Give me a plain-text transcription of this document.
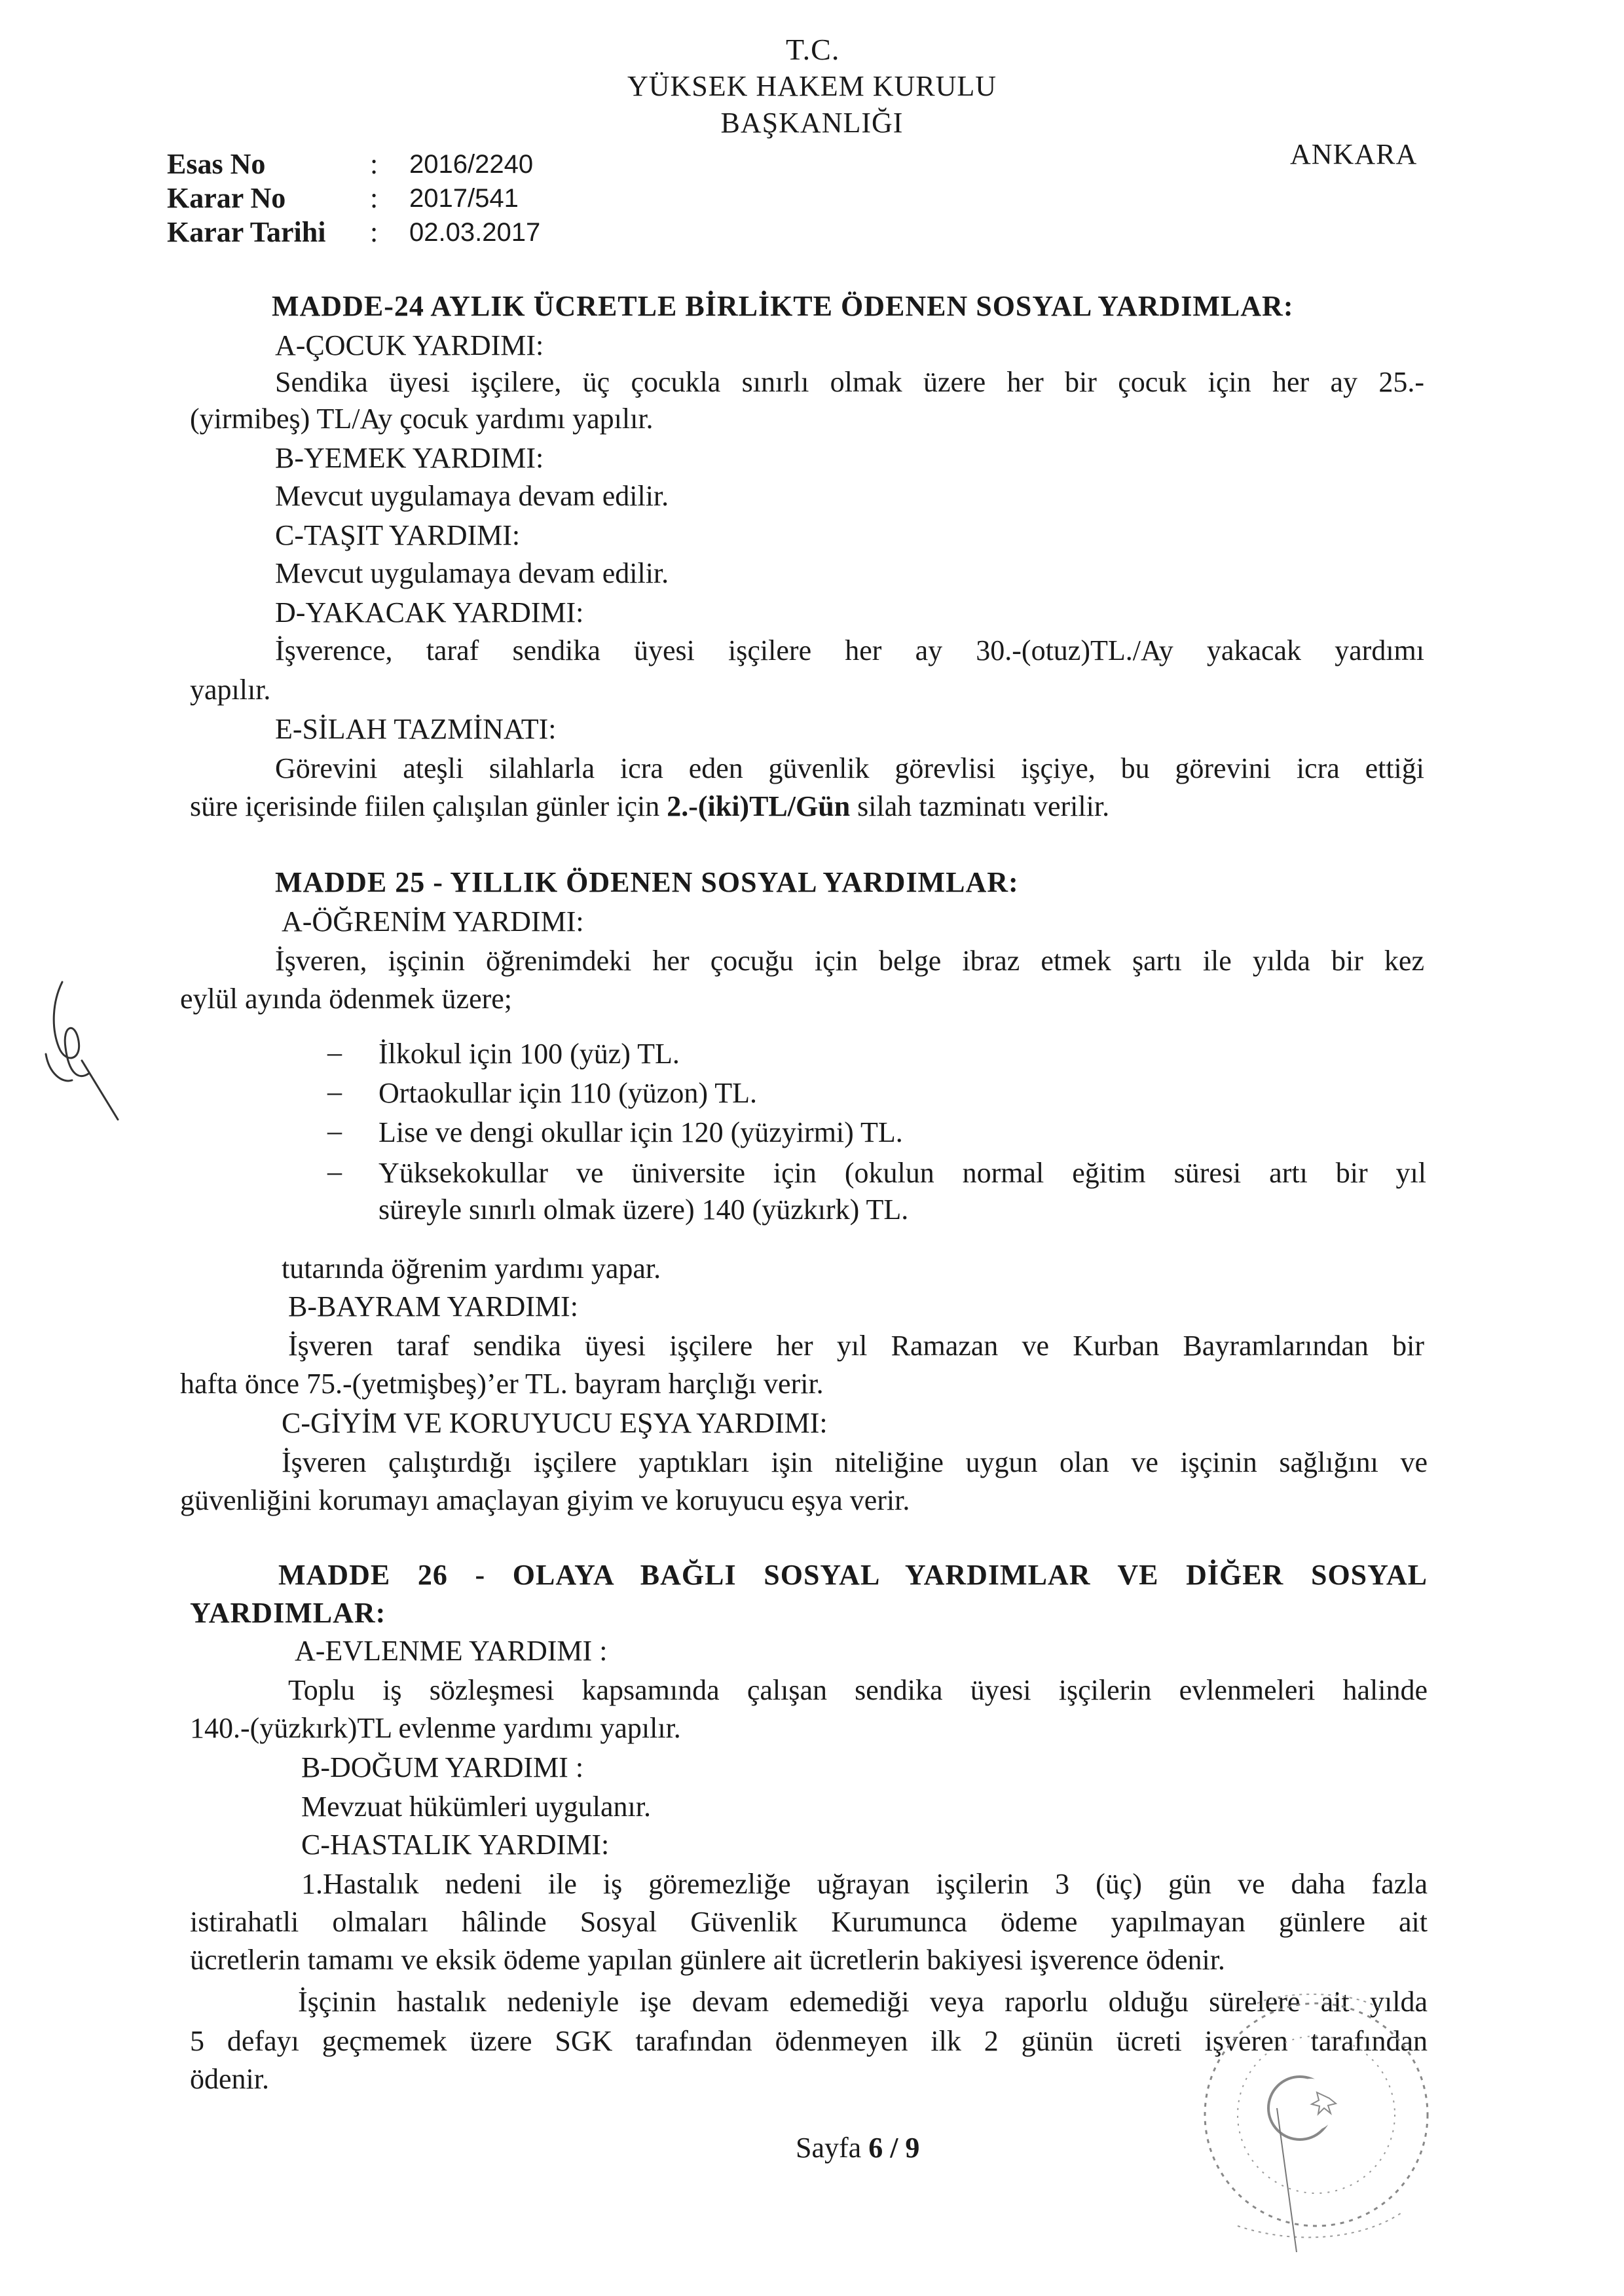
T.C.
YÜKSEK HAKEM KURULU
BAŞKANLIĞI
ANKARA
Esas No	:	2016/2240
Karar No	:	2017/541
Karar Tarihi	:	02.03.2017
MADDE-24 AYLIK ÜCRETLE BİRLİKTE ÖDENEN SOSYAL YARDIMLAR:
A-ÇOCUK YARDIMI:
Sendika üyesi işçilere, üç çocukla sınırlı olmak üzere her bir çocuk için her ay 25.-
(yirmibeş) TL/Ay çocuk yardımı yapılır.
B-YEMEK YARDIMI:
Mevcut uygulamaya devam edilir.
C-TAŞIT YARDIMI:
Mevcut uygulamaya devam edilir.
D-YAKACAK YARDIMI:
İşverence, taraf sendika üyesi işçilere her ay 30.-(otuz)TL./Ay yakacak yardımı
yapılır.
E-SİLAH TAZMİNATI:
Görevini ateşli silahlarla icra eden güvenlik görevlisi işçiye, bu görevini icra ettiği
süre içerisinde fiilen çalışılan günler için 2.-(iki)TL/Gün silah tazminatı verilir.
MADDE 25 - YILLIK ÖDENEN SOSYAL YARDIMLAR:
A-ÖĞRENİM YARDIMI:
İşveren, işçinin öğrenimdeki her çocuğu için belge ibraz etmek şartı ile yılda bir kez
eylül ayında ödenmek üzere;
– İlkokul için 100 (yüz) TL.
– Ortaokullar için 110 (yüzon) TL.
– Lise ve dengi okullar için 120 (yüzyirmi) TL.
– Yüksekokullar ve üniversite için (okulun normal eğitim süresi artı bir yıl
süreyle sınırlı olmak üzere) 140 (yüzkırk) TL.
tutarında öğrenim yardımı yapar.
B-BAYRAM YARDIMI:
İşveren taraf sendika üyesi işçilere her yıl Ramazan ve Kurban Bayramlarından bir
hafta önce 75.-(yetmişbeş)’er TL. bayram harçlığı verir.
C-GİYİM VE KORUYUCU EŞYA YARDIMI:
İşveren çalıştırdığı işçilere yaptıkları işin niteliğine uygun olan ve işçinin sağlığını ve
güvenliğini korumayı amaçlayan giyim ve koruyucu eşya verir.
MADDE 26 - OLAYA BAĞLI SOSYAL YARDIMLAR VE DİĞER SOSYAL
YARDIMLAR:
A-EVLENME YARDIMI :
Toplu iş sözleşmesi kapsamında çalışan sendika üyesi işçilerin evlenmeleri halinde
140.-(yüzkırk)TL evlenme yardımı yapılır.
B-DOĞUM YARDIMI :
Mevzuat hükümleri uygulanır.
C-HASTALIK YARDIMI:
1.Hastalık nedeni ile iş göremezliğe uğrayan işçilerin 3 (üç) gün ve daha fazla
istirahatli olmaları hâlinde Sosyal Güvenlik Kurumunca ödeme yapılmayan günlere ait
ücretlerin tamamı ve eksik ödeme yapılan günlere ait ücretlerin bakiyesi işverence ödenir.
İşçinin hastalık nedeniyle işe devam edemediği veya raporlu olduğu sürelere ait yılda
5 defayı geçmemek üzere SGK tarafından ödenmeyen ilk 2 günün ücreti işveren tarafından
ödenir.
Sayfa 6 / 9
